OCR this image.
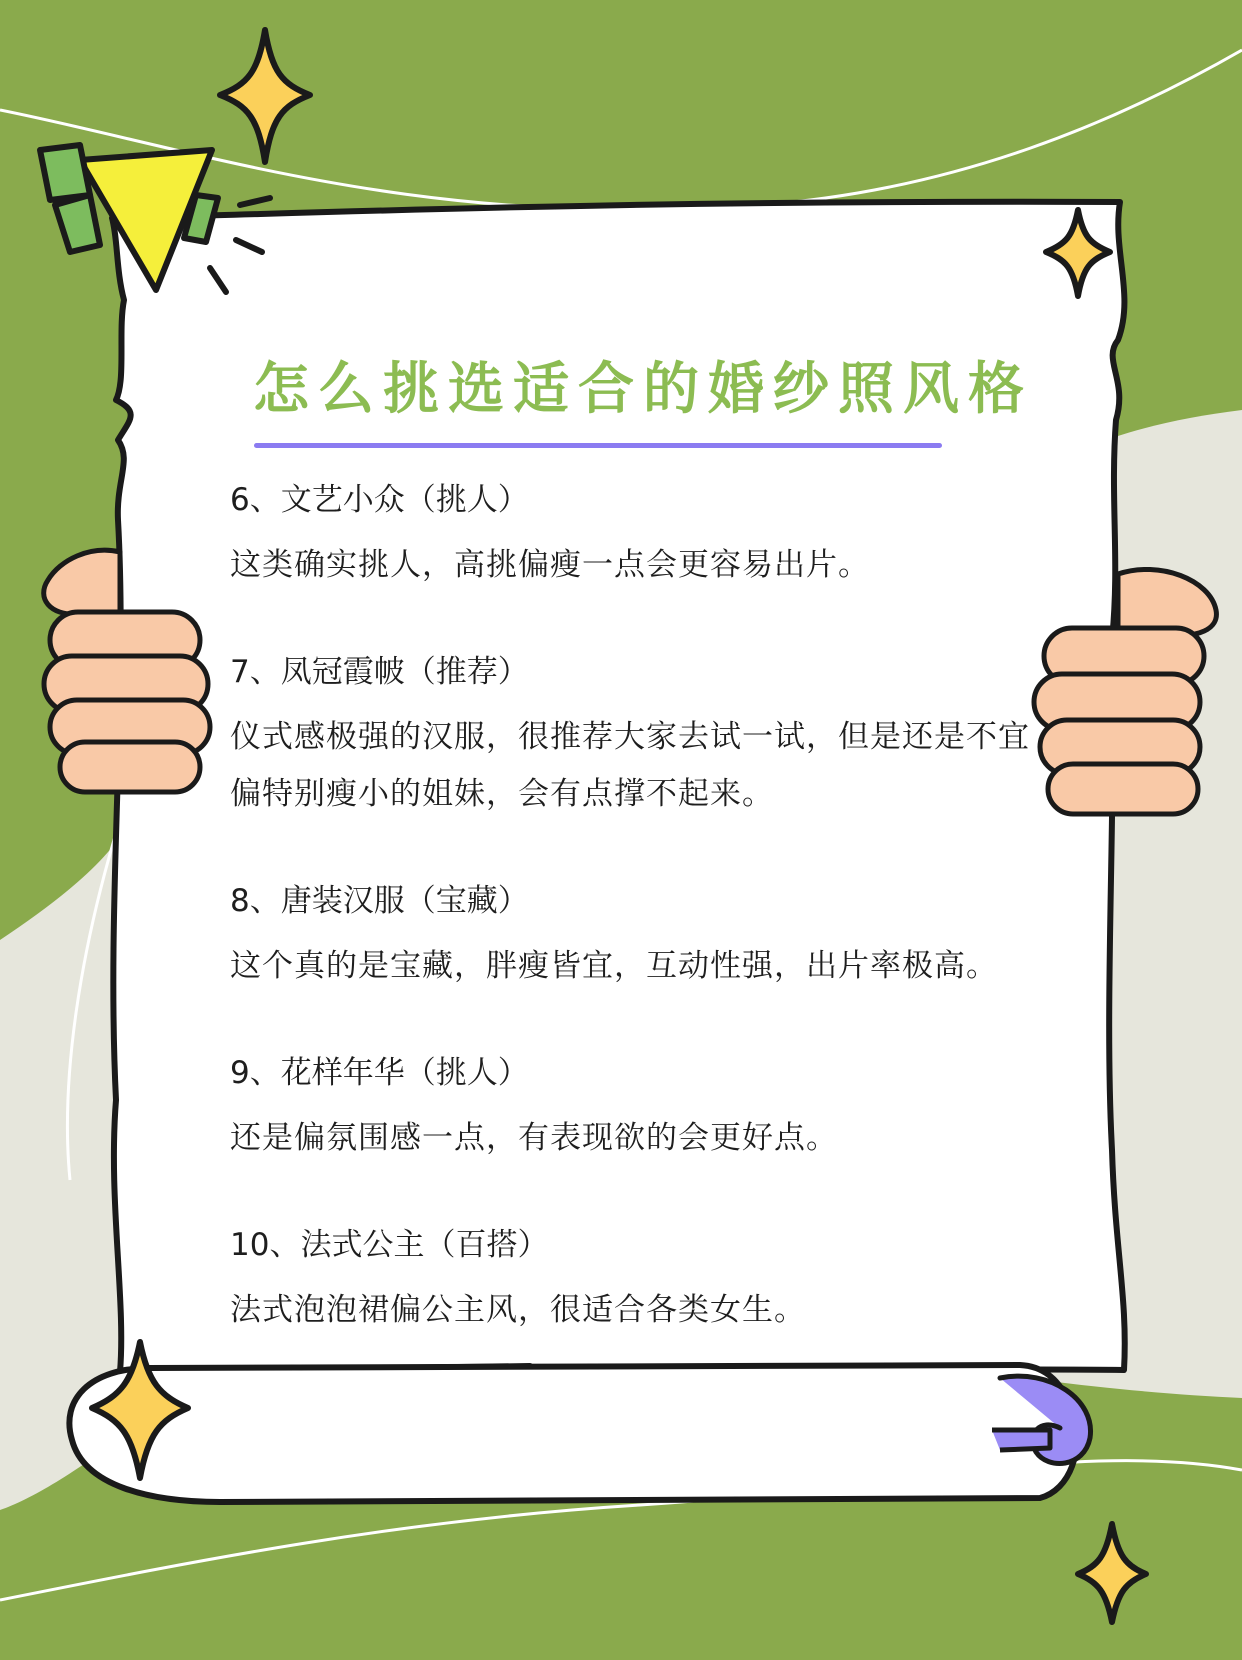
怎么挑选适合的婚纱照风格
6、文艺小众（挑人）
这类确实挑人，高挑偏瘦一点会更容易出片。
7、凤冠霞帔（推荐）
仪式感极强的汉服，很推荐大家去试一试，但是还是不宜偏特别瘦小的姐妹，会有点撑不起来。
8、唐装汉服（宝藏）
这个真的是宝藏，胖瘦皆宜，互动性强，出片率极高。
9、花样年华（挑人）
还是偏氛围感一点，有表现欲的会更好点。
10、法式公主（百搭）
法式泡泡裙偏公主风，很适合各类女生。
